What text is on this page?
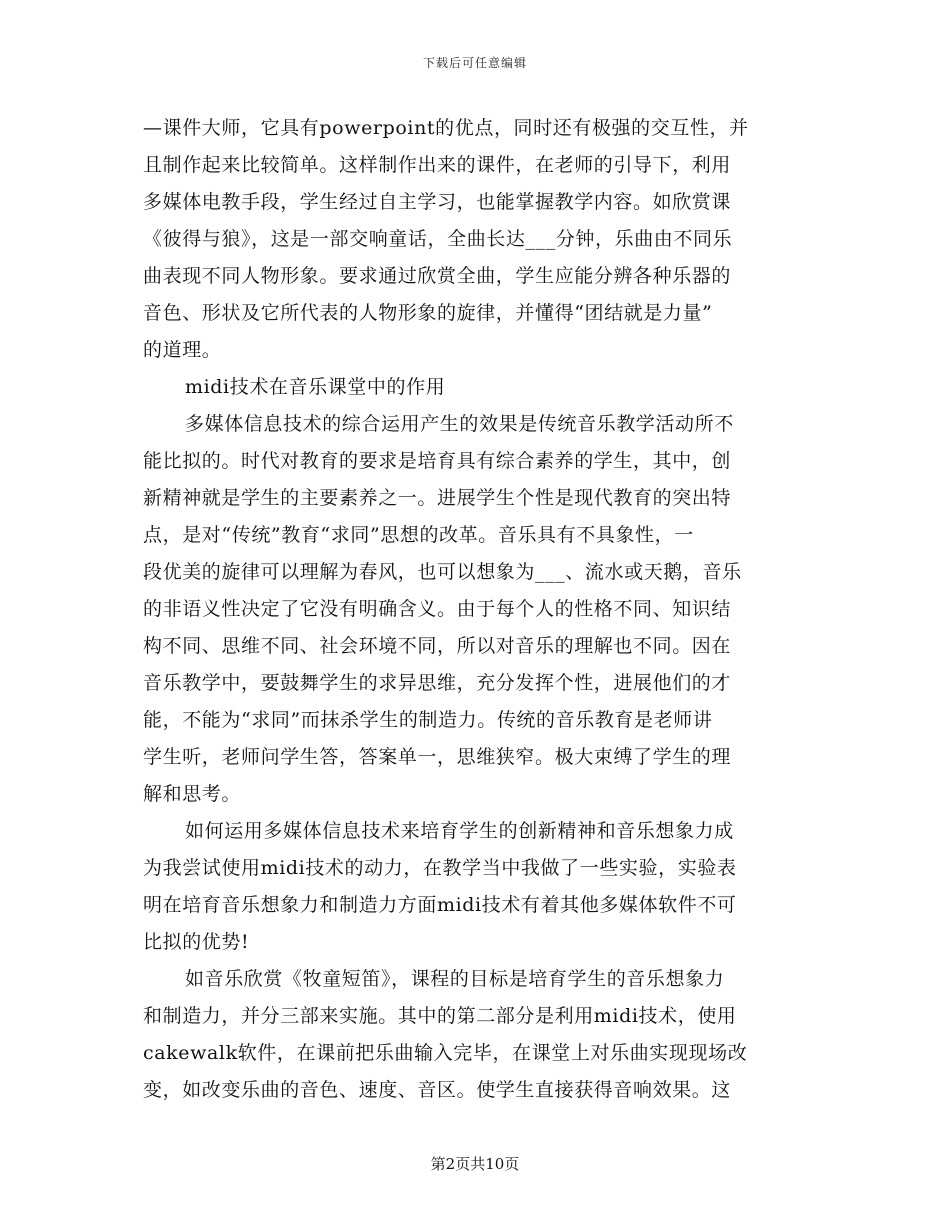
下载后可任意编辑
—课件大师，它具有powerpoint的优点，同时还有极强的交互性，并
且制作起来比较简单。这样制作出来的课件，在老师的引导下，利用
多媒体电教手段，学生经过自主学习，也能掌握教学内容。如欣赏课
《彼得与狼》，这是一部交响童话，全曲长达___分钟，乐曲由不同乐
曲表现不同人物形象。要求通过欣赏全曲，学生应能分辨各种乐器的
音色、形状及它所代表的人物形象的旋律，并懂得“团结就是力量”
的道理。
midi技术在音乐课堂中的作用
多媒体信息技术的综合运用产生的效果是传统音乐教学活动所不
能比拟的。时代对教育的要求是培育具有综合素养的学生，其中，创
新精神就是学生的主要素养之一。进展学生个性是现代教育的突出特
点，是对“传统”教育“求同”思想的改革。音乐具有不具象性，一
段优美的旋律可以理解为春风，也可以想象为___、流水或天鹅，音乐
的非语义性决定了它没有明确含义。由于每个人的性格不同、知识结
构不同、思维不同、社会环境不同，所以对音乐的理解也不同。因在
音乐教学中，要鼓舞学生的求异思维，充分发挥个性，进展他们的才
能，不能为“求同”而抹杀学生的制造力。传统的音乐教育是老师讲
学生听，老师问学生答，答案单一，思维狭窄。极大束缚了学生的理
解和思考。
如何运用多媒体信息技术来培育学生的创新精神和音乐想象力成
为我尝试使用midi技术的动力，在教学当中我做了一些实验，实验表
明在培育音乐想象力和制造力方面midi技术有着其他多媒体软件不可
比拟的优势!
如音乐欣赏《牧童短笛》，课程的目标是培育学生的音乐想象力
和制造力，并分三部来实施。其中的第二部分是利用midi技术，使用
cakewalk软件，在课前把乐曲输入完毕，在课堂上对乐曲实现现场改
变，如改变乐曲的音色、速度、音区。使学生直接获得音响效果。这
第2页共10页
